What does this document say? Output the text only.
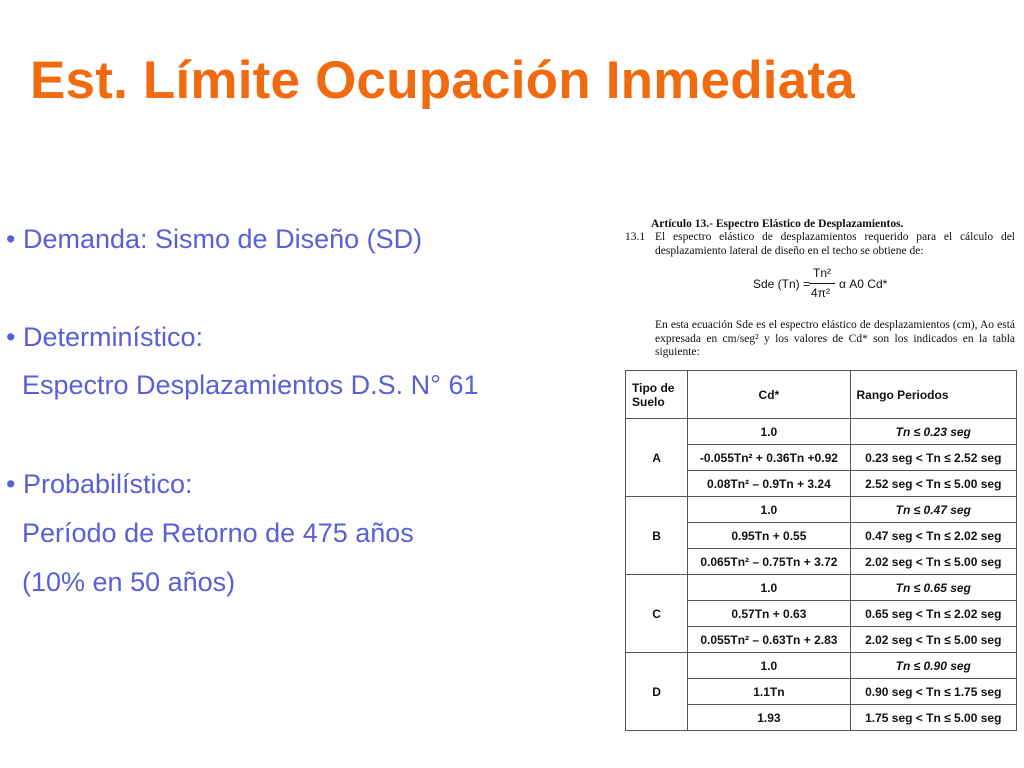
Est. Límite Ocupación Inmediata
• Demanda: Sismo de Diseño (SD)
• Determinístico:
Espectro Desplazamientos D.S. N° 61
• Probabilístico:
Período de Retorno de 475 años
(10% en 50 años)
Artículo 13.- Espectro Elástico de Desplazamientos.
13.1 El espectro elástico de desplazamientos requerido para el cálculo del desplazamiento lateral de diseño en el techo se obtiene de:
Sde (Tn) =
Tn²
4π²
α A0 Cd*
En esta ecuación Sde es el espectro elástico de desplazamientos (cm), Ao está expresada en cm/seg² y los valores de Cd* son los indicados en la tabla siguiente:
Tipo de Suelo	Cd*	Rango Periodos
A	1.0	Tn ≤ 0.23 seg
	-0.055Tn² + 0.36Tn +0.92	0.23 seg < Tn ≤ 2.52 seg
	0.08Tn² – 0.9Tn + 3.24	2.52 seg < Tn ≤ 5.00 seg
B	1.0	Tn ≤ 0.47 seg
	0.95Tn + 0.55	0.47 seg < Tn ≤ 2.02 seg
	0.065Tn² – 0.75Tn + 3.72	2.02 seg < Tn ≤ 5.00 seg
C	1.0	Tn ≤ 0.65 seg
	0.57Tn + 0.63	0.65 seg < Tn ≤ 2.02 seg
	0.055Tn² – 0.63Tn + 2.83	2.02 seg < Tn ≤ 5.00 seg
D	1.0	Tn ≤ 0.90 seg
	1.1Tn	0.90 seg < Tn ≤ 1.75 seg
	1.93	1.75 seg < Tn ≤ 5.00 seg
